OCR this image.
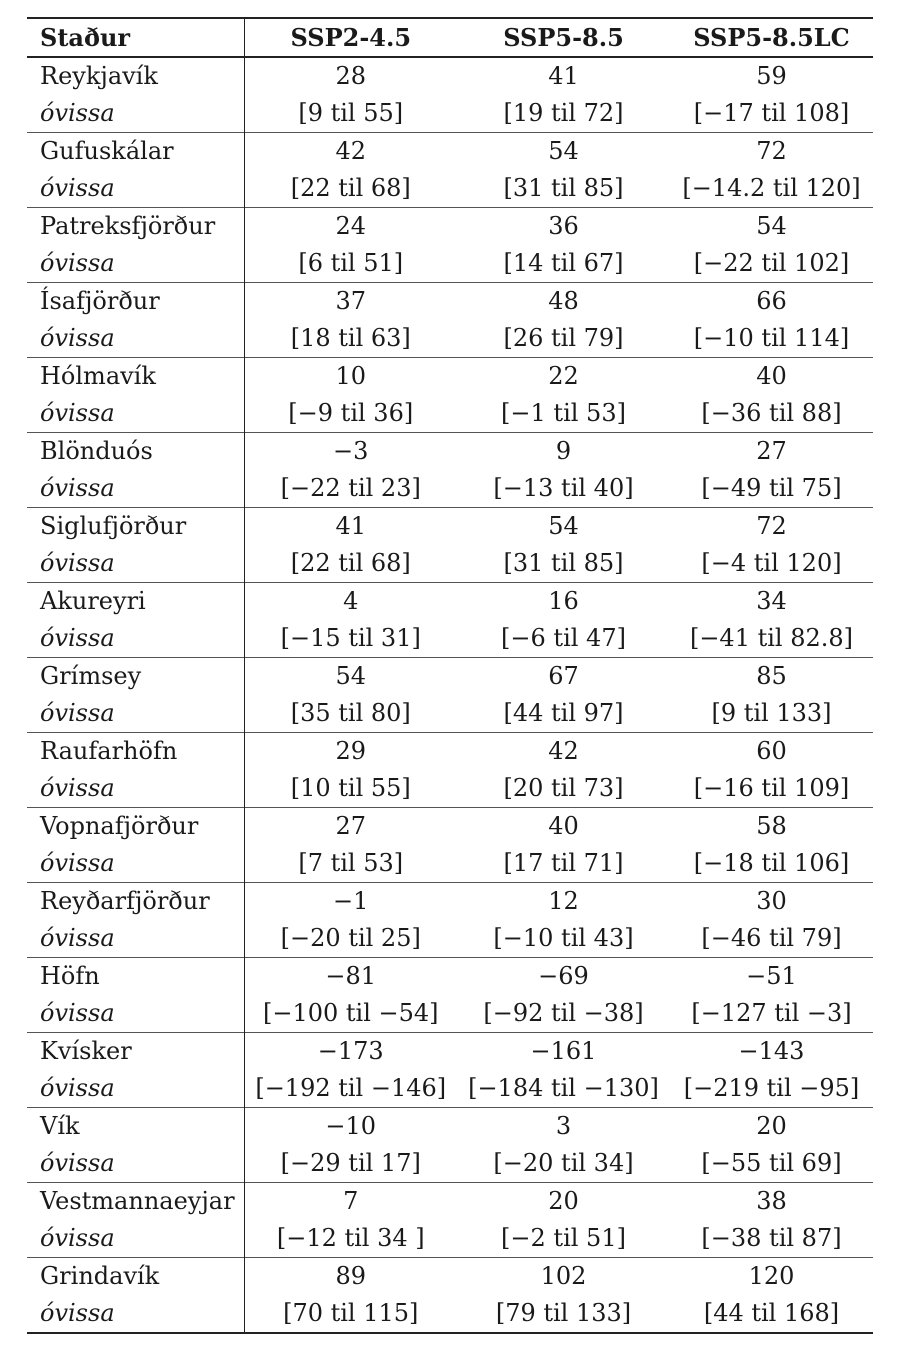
Staður	SSP2-4.5	SSP5-8.5	SSP5-8.5LC
Reykjavík	28	41	59
óvissa	[9 til 55]	[19 til 72]	[−17 til 108]
Gufuskálar	42	54	72
óvissa	[22 til 68]	[31 til 85]	[−14.2 til 120]
Patreksfjörður	24	36	54
óvissa	[6 til 51]	[14 til 67]	[−22 til 102]
Ísafjörður	37	48	66
óvissa	[18 til 63]	[26 til 79]	[−10 til 114]
Hólmavík	10	22	40
óvissa	[−9 til 36]	[−1 til 53]	[−36 til 88]
Blönduós	−3	9	27
óvissa	[−22 til 23]	[−13 til 40]	[−49 til 75]
Siglufjörður	41	54	72
óvissa	[22 til 68]	[31 til 85]	[−4 til 120]
Akureyri	4	16	34
óvissa	[−15 til 31]	[−6 til 47]	[−41 til 82.8]
Grímsey	54	67	85
óvissa	[35 til 80]	[44 til 97]	[9 til 133]
Raufarhöfn	29	42	60
óvissa	[10 til 55]	[20 til 73]	[−16 til 109]
Vopnafjörður	27	40	58
óvissa	[7 til 53]	[17 til 71]	[−18 til 106]
Reyðarfjörður	−1	12	30
óvissa	[−20 til 25]	[−10 til 43]	[−46 til 79]
Höfn	−81	−69	−51
óvissa	[−100 til −54]	[−92 til −38]	[−127 til −3]
Kvísker	−173	−161	−143
óvissa	[−192 til −146]	[−184 til −130]	[−219 til −95]
Vík	−10	3	20
óvissa	[−29 til 17]	[−20 til 34]	[−55 til 69]
Vestmannaeyjar	7	20	38
óvissa	[−12 til 34 ]	[−2 til 51]	[−38 til 87]
Grindavík	89	102	120
óvissa	[70 til 115]	[79 til 133]	[44 til 168]
